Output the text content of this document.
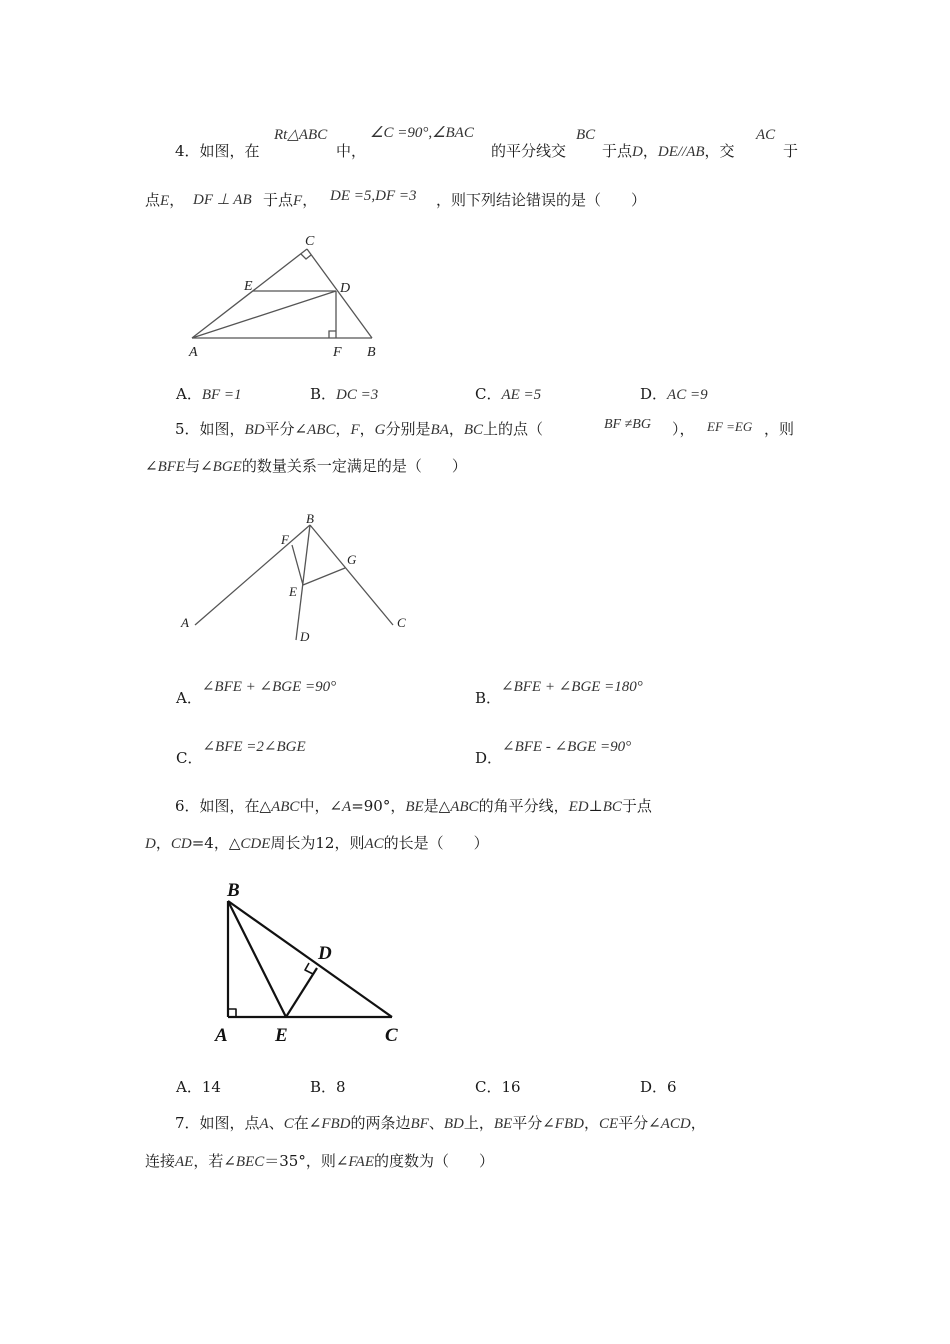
4．如图，在
Rt△ABC
中，
∠C =90°,∠BAC
的平分线交
BC
于点D，DE//AB，交
AC
于
点E， DF ⊥ AB 于点F， DE =5,DF =3 ，则下列结论错误的是（　　）
C
E	D
A	F B
A．BF =1	B．DC =3	C．AE =5	D．AC =9
5．如图，BD平分∠ABC，F，G分别是BA，BC上的点（	BF ≠BG ）， EF =EG ，则
∠BFE与∠BGE的数量关系一定满足的是（　　）
B
F
G
E
A	C
D
A．∠BFE + ∠BGE =90°
B．∠BFE + ∠BGE =180°
C．∠BFE =2∠BGE
D．∠BFE - ∠BGE =90°
6．如图，在△ABC中，∠A=90°，BE是△ABC的角平分线，ED⊥BC于点
D，CD=4，△CDE周长为12，则AC的长是（　　）
B
D
A E	C
A．14	B．8	C．16	D．6
7．如图，点A、C在∠FBD的两条边BF、BD上，BE平分∠FBD，CE平分∠ACD，
连接AE，若∠BEC＝35°，则∠FAE的度数为（　　）
